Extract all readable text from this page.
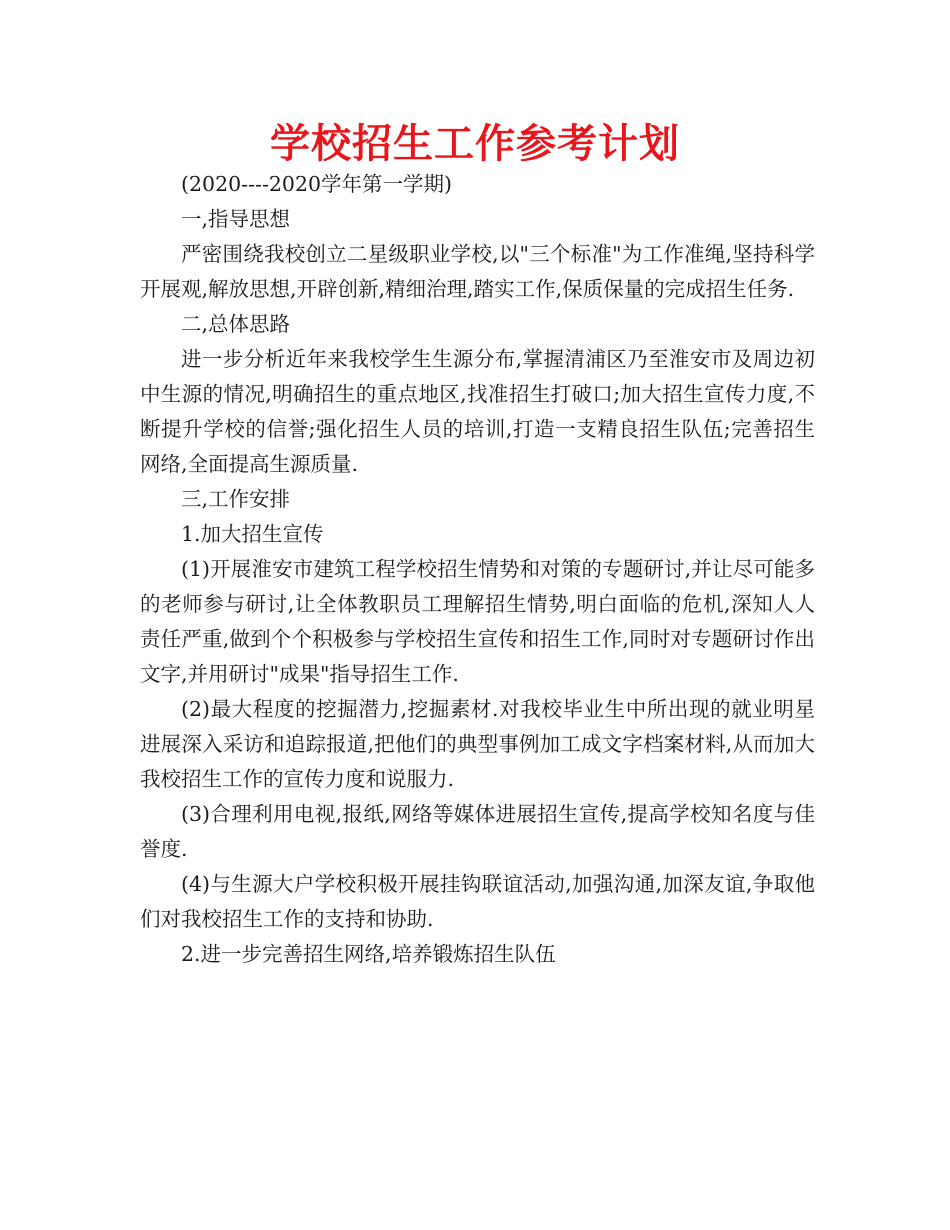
学校招生工作参考计划

(2020----2020学年第一学期)

一,指导思想

严密围绕我校创立二星级职业学校,以"三个标准"为工作准绳,坚持科学开展观,解放思想,开辟创新,精细治理,踏实工作,保质保量的完成招生任务.

二,总体思路

进一步分析近年来我校学生生源分布,掌握清浦区乃至淮安市及周边初中生源的情况,明确招生的重点地区,找准招生打破口;加大招生宣传力度,不断提升学校的信誉;强化招生人员的培训,打造一支精良招生队伍;完善招生网络,全面提高生源质量.

三,工作安排

1.加大招生宣传

(1)开展淮安市建筑工程学校招生情势和对策的专题研讨,并让尽可能多的老师参与研讨,让全体教职员工理解招生情势,明白面临的危机,深知人人责任严重,做到个个积极参与学校招生宣传和招生工作,同时对专题研讨作出文字,并用研讨"成果"指导招生工作.

(2)最大程度的挖掘潜力,挖掘素材.对我校毕业生中所出现的就业明星进展深入采访和追踪报道,把他们的典型事例加工成文字档案材料,从而加大我校招生工作的宣传力度和说服力.

(3)合理利用电视,报纸,网络等媒体进展招生宣传,提高学校知名度与佳誉度.

(4)与生源大户学校积极开展挂钩联谊活动,加强沟通,加深友谊,争取他们对我校招生工作的支持和协助.

2.进一步完善招生网络,培养锻炼招生队伍
